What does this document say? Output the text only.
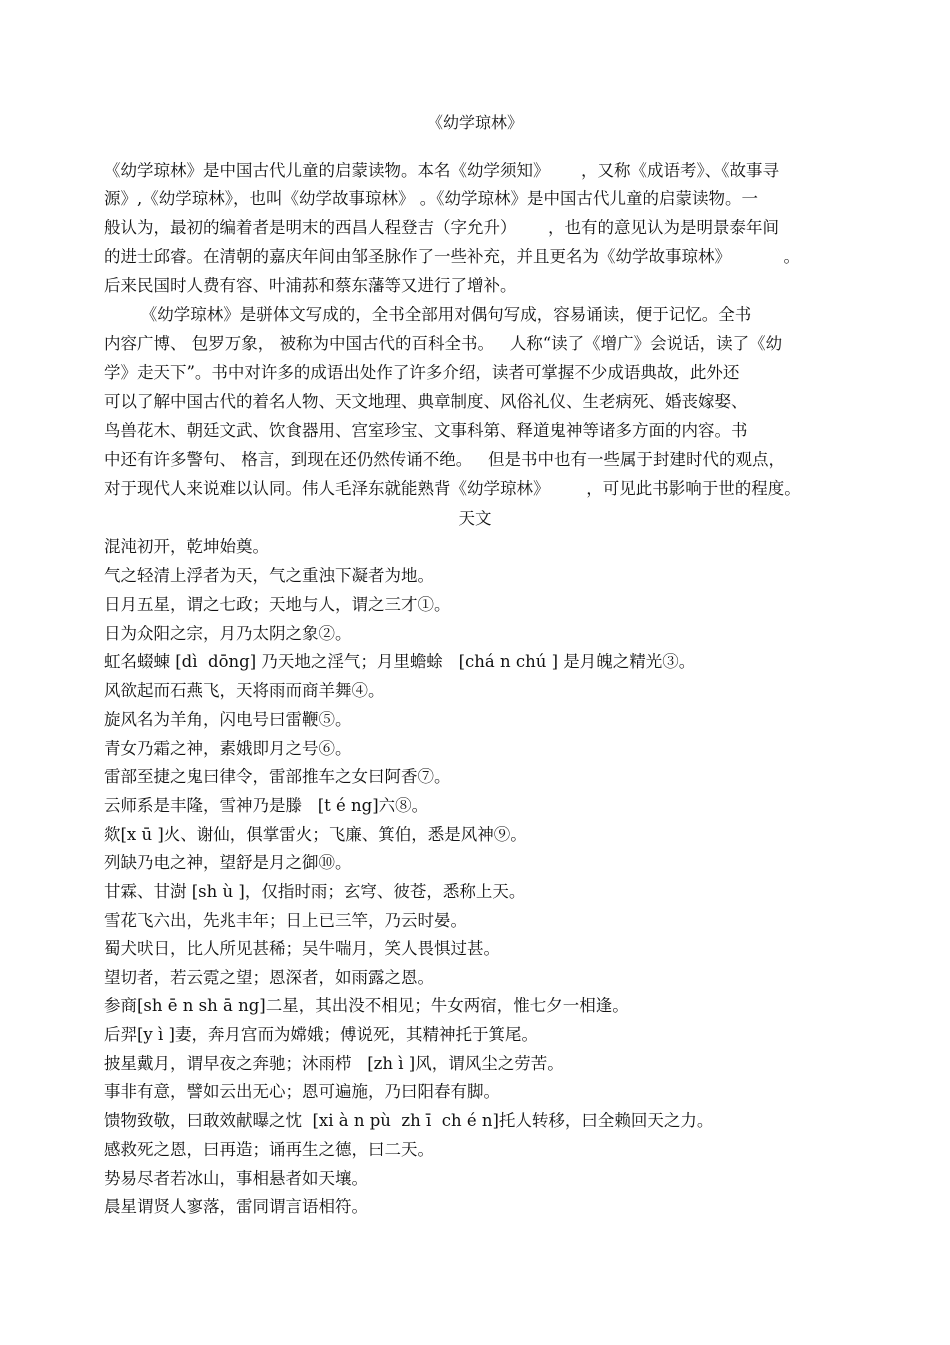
《幼学琼林》
《幼学琼林》是中国古代儿童的启蒙读物。本名《幼学须知》      ，又称《成语考》、《故事寻
源》,《幼学琼林》，也叫《幼学故事琼林》 。《幼学琼林》是中国古代儿童的启蒙读物。一
般认为，最初的编着者是明末的西昌人程登吉（字允升）      ，也有的意见认为是明景泰年间
的进士邱睿。在清朝的嘉庆年间由邹圣脉作了一些补充，并且更名为《幼学故事琼林》          。
后来民国时人费有容、叶浦荪和蔡东藩等又进行了增补。
《幼学琼林》是骈体文写成的，全书全部用对偶句写成，容易诵读，便于记忆。全书
内容广博、 包罗万象， 被称为中国古代的百科全书。   人称“读了《增广》会说话，读了《幼
学》走天下”。书中对许多的成语出处作了许多介绍，读者可掌握不少成语典故，此外还
可以了解中国古代的着名人物、天文地理、典章制度、风俗礼仪、生老病死、婚丧嫁娶、
鸟兽花木、朝廷文武、饮食器用、宫室珍宝、文事科第、释道鬼神等诸多方面的内容。书
中还有许多警句、 格言，到现在还仍然传诵不绝。   但是书中也有一些属于封建时代的观点，
对于现代人来说难以认同。伟人毛泽东就能熟背《幼学琼林》       ，可见此书影响于世的程度。
天文
混沌初开，乾坤始奠。
气之轻清上浮者为天，气之重浊下凝者为地。
日月五星，谓之七政；天地与人，谓之三才①。
日为众阳之宗，月乃太阴之象②。
虹名蝃蝀 [dì  dōng] 乃天地之淫气；月里蟾蜍   [chá n chú ] 是月魄之精光③。
风欲起而石燕飞，天将雨而商羊舞④。
旋风名为羊角，闪电号曰雷鞭⑤。
青女乃霜之神，素娥即月之号⑥。
雷部至捷之鬼曰律令，雷部推车之女曰阿香⑦。
云师系是丰隆，雪神乃是滕   [t é ng]六⑧。
欻[x ū ]火、谢仙，俱掌雷火；飞廉、箕伯，悉是风神⑨。
列缺乃电之神，望舒是月之御⑩。
甘霖、甘澍 [sh ù ]，仅指时雨；玄穹、彼苍，悉称上天。
雪花飞六出，先兆丰年；日上已三竿，乃云时晏。
蜀犬吠日，比人所见甚稀；吴牛喘月，笑人畏惧过甚。
望切者，若云霓之望；恩深者，如雨露之恩。
参商[sh ē n sh ā ng]二星，其出没不相见；牛女两宿，惟七夕一相逢。
后羿[y ì ]妻，奔月宫而为嫦娥；傅说死，其精神托于箕尾。
披星戴月，谓早夜之奔驰；沐雨栉   [zh ì ]风，谓风尘之劳苦。
事非有意，譬如云出无心；恩可遍施，乃曰阳春有脚。
馈物致敬，曰敢效献曝之忱  [xi à n pù  zh ī  ch é n]托人转移，曰全赖回天之力。
感救死之恩，曰再造；诵再生之德，曰二天。
势易尽者若冰山，事相悬者如天壤。
晨星谓贤人寥落，雷同谓言语相符。
